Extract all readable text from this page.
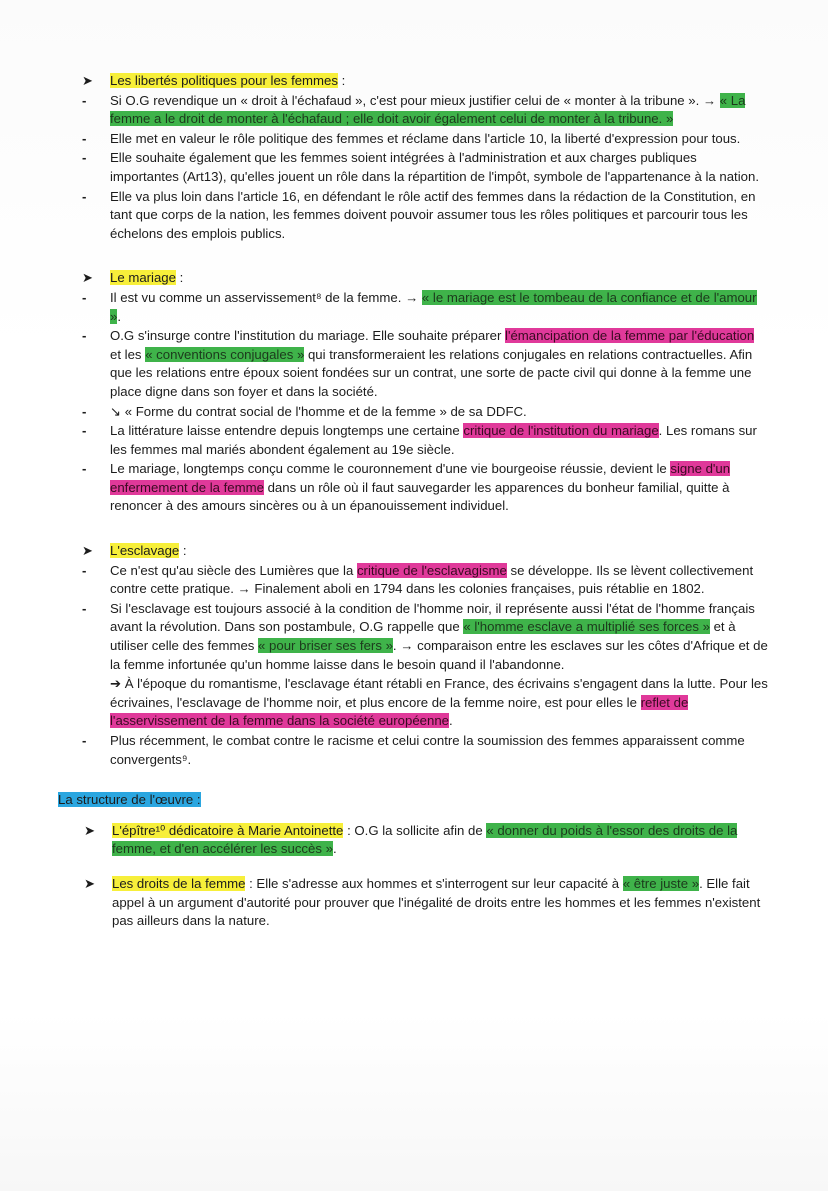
➤	Les libertés politiques pour les femmes :
-	Si O.G revendique un « droit à l'échafaud », c'est pour mieux justifier celui de « monter à la tribune ». → « La femme a le droit de monter à l'échafaud ; elle doit avoir également celui de monter à la tribune. »
-	Elle met en valeur le rôle politique des femmes et réclame dans l'article 10, la liberté d'expression pour tous.
-	Elle souhaite également que les femmes soient intégrées à l'administration et aux charges publiques importantes (Art13), qu'elles jouent un rôle dans la répartition de l'impôt, symbole de l'appartenance à la nation.
-	Elle va plus loin dans l'article 16, en défendant le rôle actif des femmes dans la rédaction de la Constitution, en tant que corps de la nation, les femmes doivent pouvoir assumer tous les rôles politiques et parcourir tous les échelons des emplois publics.
➤	Le mariage :
-	Il est vu comme un asservissement⁸ de la femme. → « le mariage est le tombeau de la confiance et de l'amour ».
-	O.G s'insurge contre l'institution du mariage. Elle souhaite préparer l'émancipation de la femme par l'éducation et les « conventions conjugales » qui transformeraient les relations conjugales en relations contractuelles. Afin que les relations entre époux soient fondées sur un contrat, une sorte de pacte civil qui donne à la femme une place digne dans son foyer et dans la société.
-	↘ « Forme du contrat social de l'homme et de la femme » de sa DDFC.
-	La littérature laisse entendre depuis longtemps une certaine critique de l'institution du mariage. Les romans sur les femmes mal mariés abondent également au 19e siècle.
-	Le mariage, longtemps conçu comme le couronnement d'une vie bourgeoise réussie, devient le signe d'un enfermement de la femme dans un rôle où il faut sauvegarder les apparences du bonheur familial, quitte à renoncer à des amours sincères ou à un épanouissement individuel.
➤	L'esclavage :
-	Ce n'est qu'au siècle des Lumières que la critique de l'esclavagisme se développe. Ils se lèvent collectivement contre cette pratique. → Finalement aboli en 1794 dans les colonies françaises, puis rétablie en 1802.
-	Si l'esclavage est toujours associé à la condition de l'homme noir, il représente aussi l'état de l'homme français avant la révolution. Dans son postambule, O.G rappelle que « l'homme esclave a multiplié ses forces » et à utiliser celle des femmes « pour briser ses fers ». → comparaison entre les esclaves sur les côtes d'Afrique et de la femme infortunée qu'un homme laisse dans le besoin quand il l'abandonne.
➔ À l'époque du romantisme, l'esclavage étant rétabli en France, des écrivains s'engagent dans la lutte. Pour les écrivaines, l'esclavage de l'homme noir, et plus encore de la femme noire, est pour elles le reflet de l'asservissement de la femme dans la société européenne.
-	Plus récemment, le combat contre le racisme et celui contre la soumission des femmes apparaissent comme convergents⁹.
La structure de l'œuvre :
➤	L'épître¹⁰ dédicatoire à Marie Antoinette : O.G la sollicite afin de « donner du poids à l'essor des droits de la femme, et d'en accélérer les succès ».
➤	Les droits de la femme : Elle s'adresse aux hommes et s'interrogent sur leur capacité à « être juste ». Elle fait appel à un argument d'autorité pour prouver que l'inégalité de droits entre les hommes et les femmes n'existent pas ailleurs dans la nature.
